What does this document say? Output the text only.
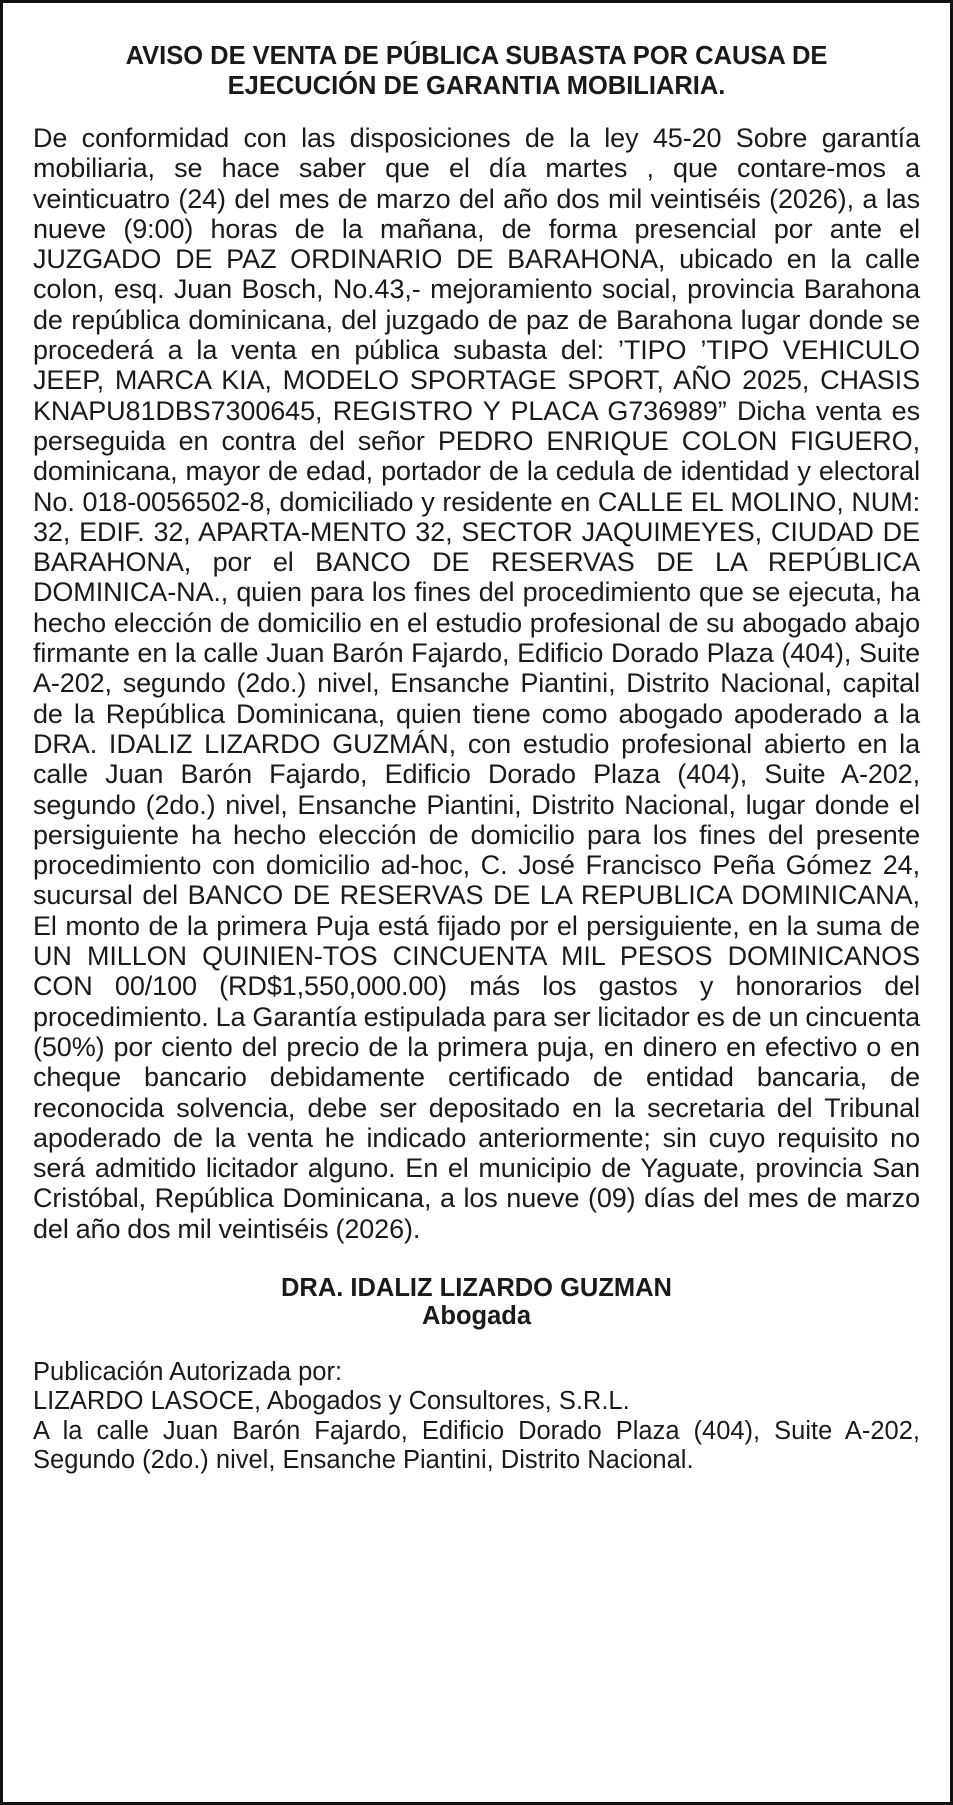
AVISO DE VENTA DE PÚBLICA SUBASTA POR CAUSA DE
EJECUCIÓN DE GARANTIA MOBILIARIA.

De conformidad con las disposiciones de la ley 45-20 Sobre garantía mobiliaria, se hace saber que el día martes , que contare-mos a veinticuatro (24) del mes de marzo del año dos mil veintiséis (2026), a las nueve (9:00) horas de la mañana, de forma presencial por ante el JUZGADO DE PAZ ORDINARIO DE BARAHONA, ubicado en la calle colon, esq. Juan Bosch, No.43,- mejoramiento social, provincia Barahona de república dominicana, del juzgado de paz de Barahona lugar donde se procederá a la venta en pública subasta del: ’TIPO ’TIPO VEHICULO JEEP, MARCA KIA, MODELO SPORTAGE SPORT, AÑO 2025, CHASIS KNAPU81DBS7300645, REGISTRO Y PLACA G736989” Dicha venta es perseguida en contra del señor PEDRO ENRIQUE COLON FIGUERO, dominicana, mayor de edad, portador de la cedula de identidad y electoral No. 018-0056502-8, domiciliado y residente en CALLE EL MOLINO, NUM: 32, EDIF. 32, APARTA-MENTO 32, SECTOR JAQUIMEYES, CIUDAD DE BARAHONA, por el BANCO DE RESERVAS DE LA REPÚBLICA DOMINICA-NA., quien para los fines del procedimiento que se ejecuta, ha hecho elección de domicilio en el estudio profesional de su abogado abajo firmante en la calle Juan Barón Fajardo, Edificio Dorado Plaza (404), Suite A-202, segundo (2do.) nivel, Ensanche Piantini, Distrito Nacional, capital de la República Dominicana, quien tiene como abogado apoderado a la DRA. IDALIZ LIZARDO GUZMÁN, con estudio profesional abierto en la calle Juan Barón Fajardo, Edificio Dorado Plaza (404), Suite A-202, segundo (2do.) nivel, Ensanche Piantini, Distrito Nacional, lugar donde el persiguiente ha hecho elección de domicilio para los fines del presente procedimiento con domicilio ad-hoc, C. José Francisco Peña Gómez 24, sucursal del BANCO DE RESERVAS DE LA REPUBLICA DOMINICANA, El monto de la primera Puja está fijado por el persiguiente, en la suma de UN MILLON QUINIEN-TOS CINCUENTA MIL PESOS DOMINICANOS CON 00/100 (RD$1,550,000.00) más los gastos y honorarios del procedimiento. La Garantía estipulada para ser licitador es de un cincuenta (50%) por ciento del precio de la primera puja, en dinero en efectivo o en cheque bancario debidamente certificado de entidad bancaria, de reconocida solvencia, debe ser depositado en la secretaria del Tribunal apoderado de la venta he indicado anteriormente; sin cuyo requisito no será admitido licitador alguno. En el municipio de Yaguate, provincia San Cristóbal, República Dominicana, a los nueve (09) días del mes de marzo del año dos mil veintiséis (2026).

DRA. IDALIZ LIZARDO GUZMAN
Abogada
Publicación Autorizada por:
LIZARDO LASOCE, Abogados y Consultores, S.R.L.
A la calle Juan Barón Fajardo, Edificio Dorado Plaza (404), Suite A-202, Segundo (2do.) nivel, Ensanche Piantini, Distrito Nacional.
